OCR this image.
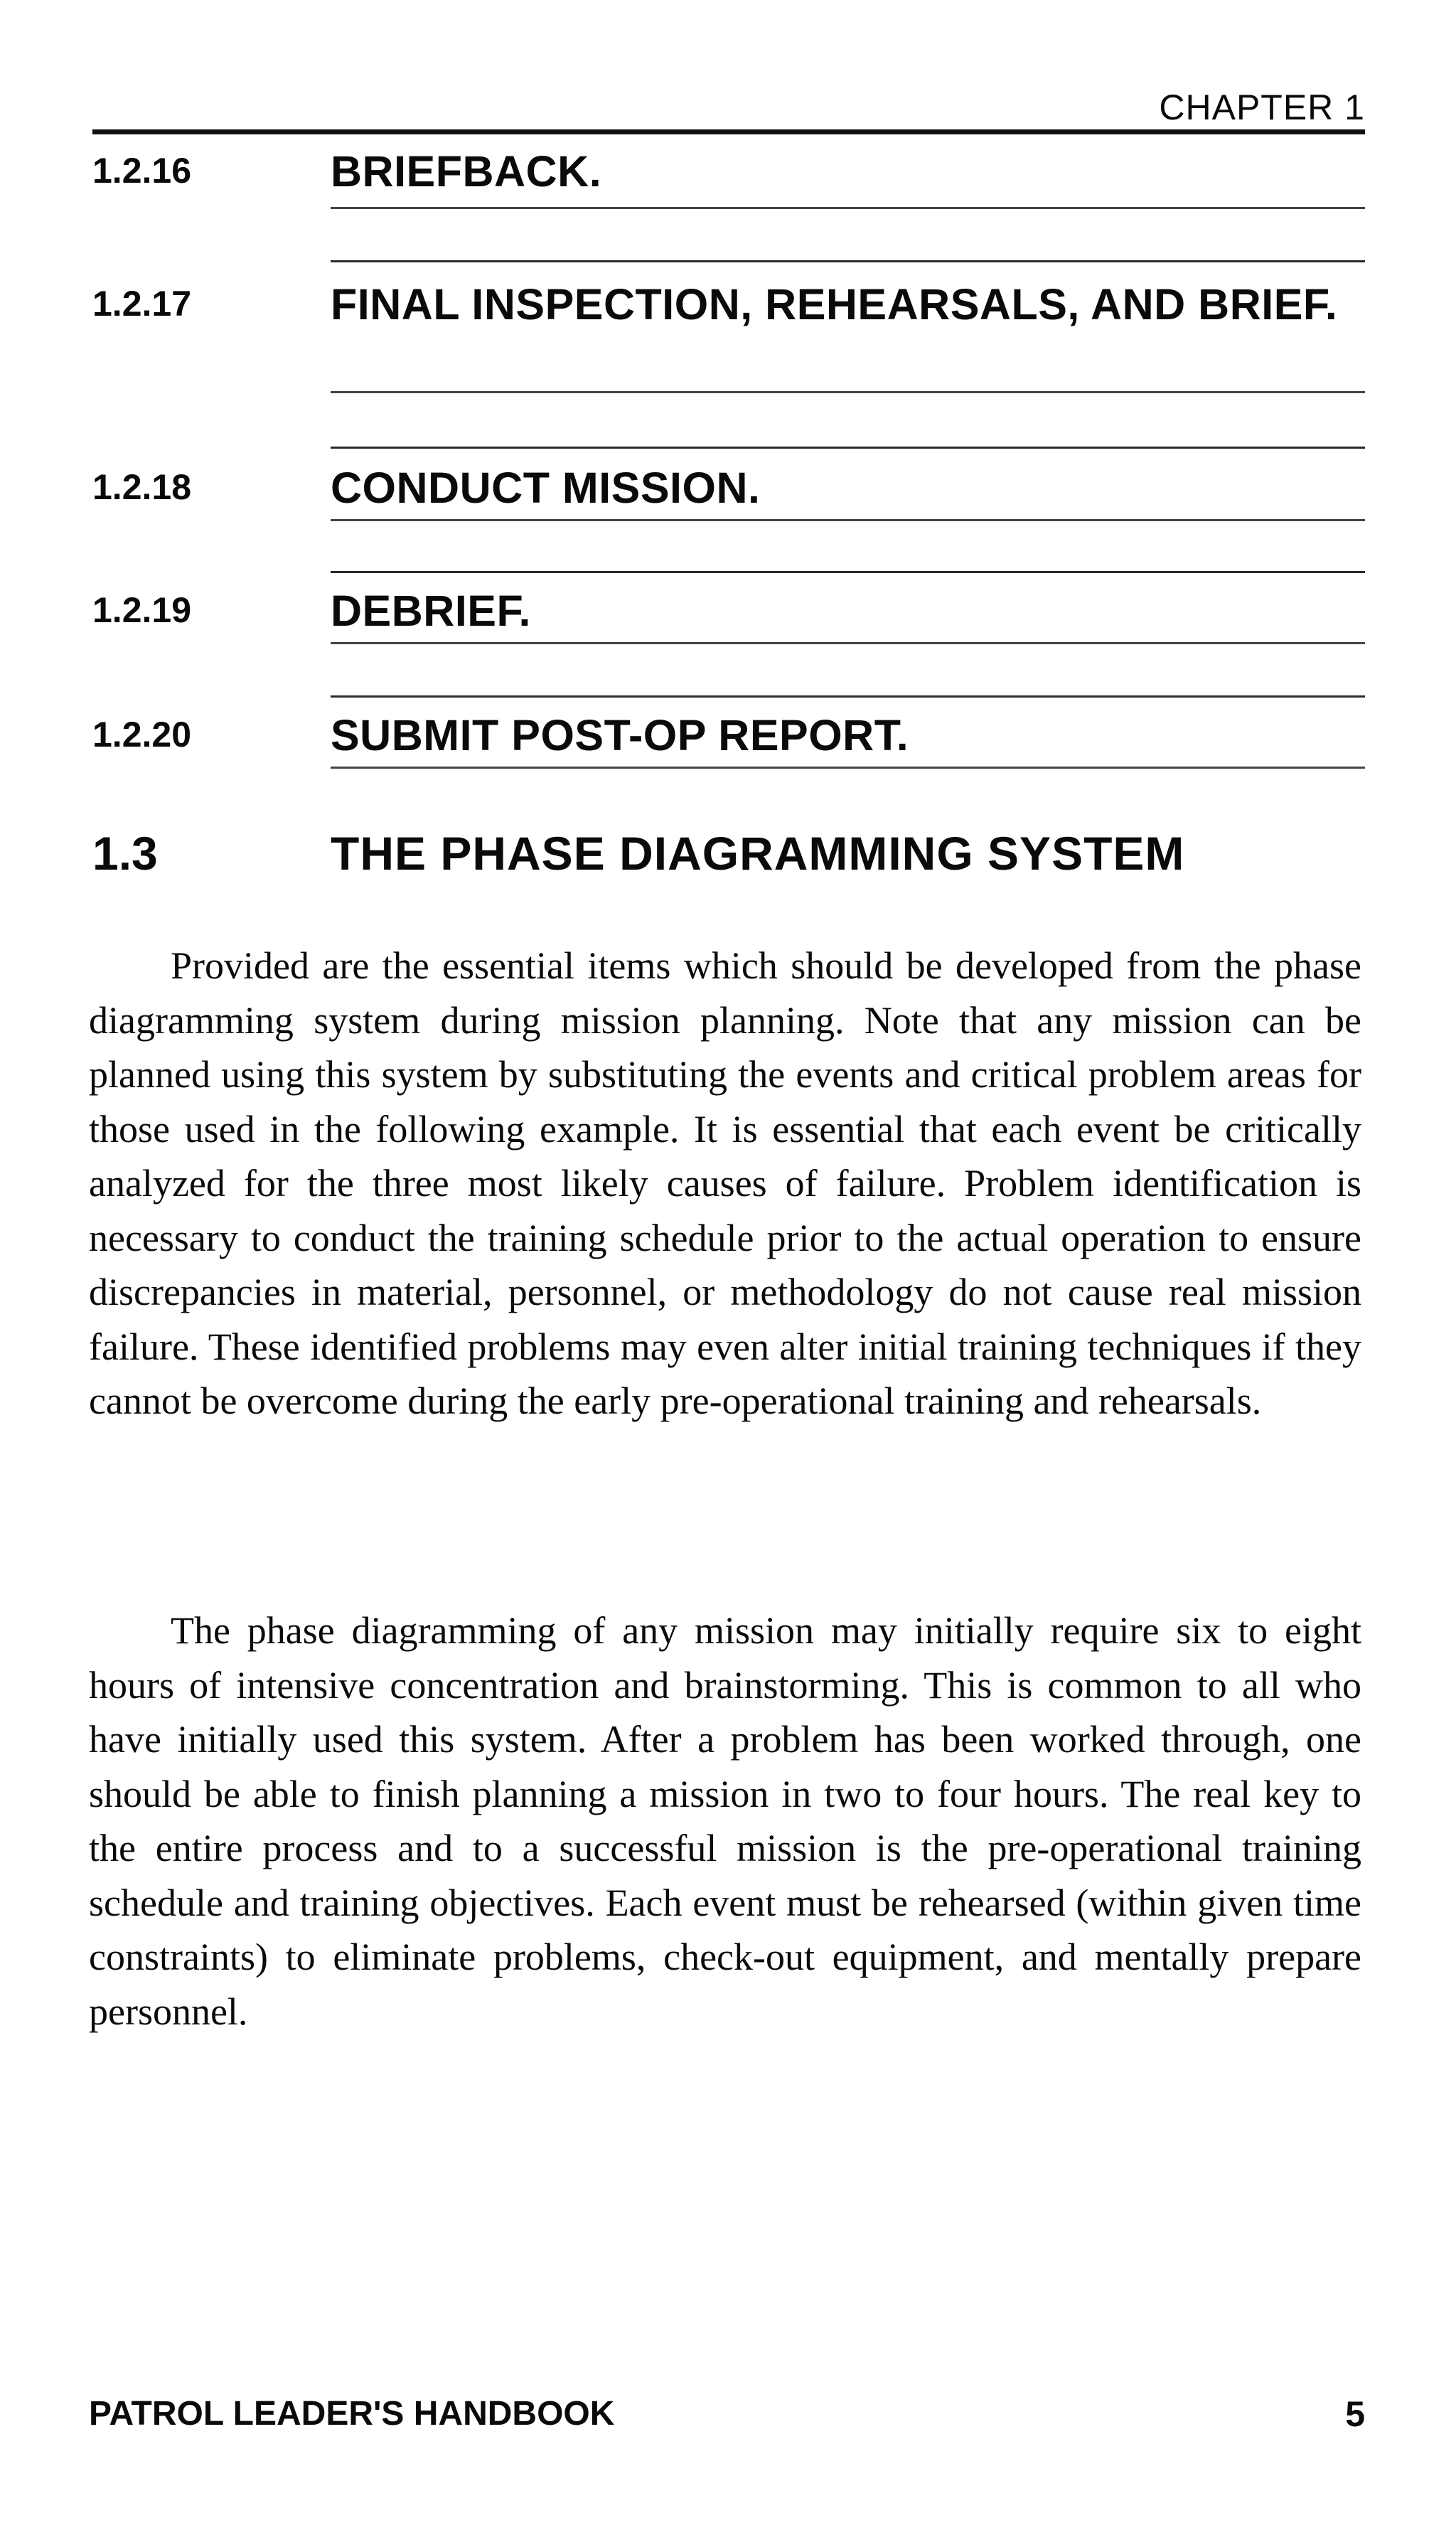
CHAPTER 1
1.2.16	BRIEFBACK.
1.2.17	FINAL INSPECTION, REHEARSALS, AND BRIEF.
1.2.18	CONDUCT MISSION.
1.2.19	DEBRIEF.
1.2.20	SUBMIT POST-OP REPORT.
1.3	THE PHASE DIAGRAMMING SYSTEM

Provided are the essential items which should be developed from the phase diagramming system during mission planning. Note that any mission can be planned using this system by substituting the events and critical problem areas for those used in the following example. It is essential that each event be critically analyzed for the three most likely causes of failure. Problem identification is necessary to conduct the training schedule prior to the actual operation to ensure discrepancies in material, personnel, or methodology do not cause real mission failure. These identified problems may even alter initial training techniques if they cannot be overcome during the early pre-operational training and rehearsals.

The phase diagramming of any mission may initially require six to eight hours of intensive concentration and brainstorming. This is common to all who have initially used this system. After a problem has been worked through, one should be able to finish planning a mission in two to four hours. The real key to the entire process and to a successful mission is the pre-operational training schedule and training objectives. Each event must be rehearsed (within given time constraints) to eliminate problems, check-out equipment, and mentally prepare personnel.

PATROL LEADER'S HANDBOOK	5
